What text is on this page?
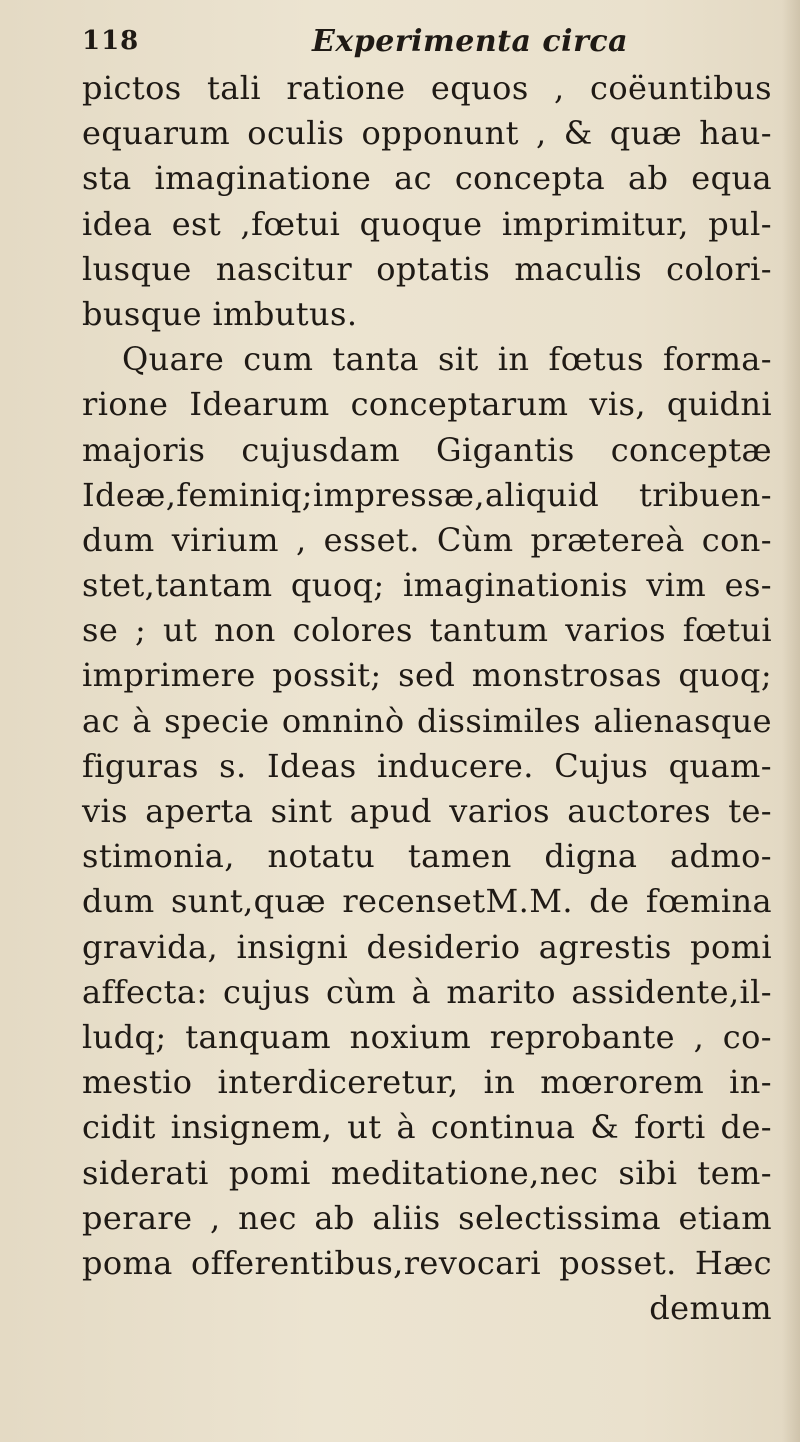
118	Experimenta circa
pictos tali ratione equos , coëuntibus
equarum oculis opponunt , & quæ hau-
sta imaginatione ac concepta ab equa
idea est ,fœtui quoque imprimitur, pul-
lusque nascitur optatis maculis colori-
busque imbutus.
Quare cum tanta sit in fœtus forma-
rione Idearum conceptarum vis, quidni
majoris cujusdam Gigantis conceptæ
Ideæ,feminiq;impressæ,aliquid tribuen-
dum virium , esset. Cùm prætereà con-
stet,tantam quoq; imaginationis vim es-
se ; ut non colores tantum varios fœtui
imprimere possit; sed monstrosas quoq;
ac à specie omninò dissimiles alienasque
figuras s. Ideas inducere. Cujus quam-
vis aperta sint apud varios auctores te-
stimonia, notatu tamen digna admo-
dum sunt,quæ recensetM.M. de fœmina
gravida, insigni desiderio agrestis pomi
affecta: cujus cùm à marito assidente,il-
ludq; tanquam noxium reprobante , co-
mestio interdiceretur, in mœrorem in-
cidit insignem, ut à continua & forti de-
siderati pomi meditatione,nec sibi tem-
perare , nec ab aliis selectissima etiam
poma offerentibus,revocari posset. Hæc
demum
